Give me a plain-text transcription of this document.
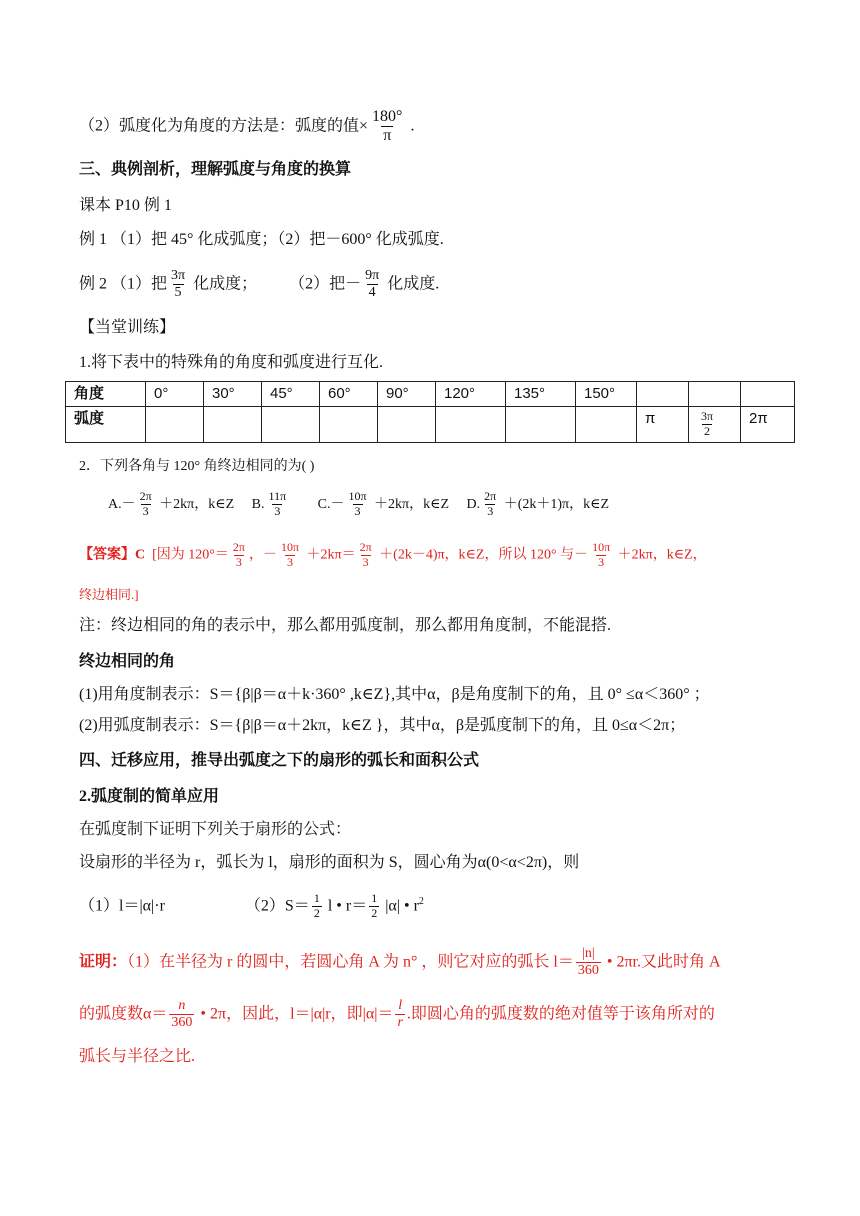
（2）弧度化为角度的方法是：弧度的值× $\frac{180^\circ}{\pi}$ .
三、典例剖析，理解弧度与角度的换算
课本 P10 例 1
例 1 （1）把 45° 化成弧度；（2）把－600° 化成弧度.
例 2 （1）把 $\frac{3\pi}{5}$ 化成度；        （2）把－ $\frac{9\pi}{4}$ 化成度.
【当堂训练】
1.将下表中的特殊角的角度和弧度进行互化.
角度	0°	30°	45°	60°	90°	120°	135°	150°			
弧度									π	$\frac{3\pi}{2}$	2π
2．下列各角与 120° 角终边相同的为( )
$A.- \frac{2\pi}{3} +2k\pi$，k∈Z B. $\frac{11\pi}{3} C.- \frac{10\pi}{3} +2k\pi$，k∈Z D. $\frac{2\pi}{3} +(2k+1)\pi$，k∈Z
【答案】C  [因为 $120^\circ= \frac{2\pi}{3}$ ，－ $\frac{10\pi}{3} +2k\pi= \frac{2\pi}{3} +(2k-4)\pi$，k∈Z，所以 120° 与－ $\frac{10\pi}{3} +2k\pi$，k∈Z，
终边相同.]
注：终边相同的角的表示中，那么都用弧度制，那么都用角度制，不能混搭.
终边相同的角
(1)用角度制表示：S＝{β|β＝α＋k·360° ,k∈Z},其中α，β是角度制下的角，且 0° ≤α＜360° ；
(2)用弧度制表示：S＝{β|β＝α＋2kπ，k∈Z }，其中α，β是弧度制下的角，且 0≤α＜2π；
四、迁移应用，推导出弧度之下的扇形的弧长和面积公式
2.弧度制的简单应用
在弧度制下证明下列关于扇形的公式：
设扇形的半径为 r，弧长为 l，扇形的面积为 S，圆心角为α(0<α<2π)，则
（1）l＝|α|·r	$(2)S= \frac{1}{2}$ l • $r= \frac{1}{2} |\alpha|$ • $r^2$
证明：（1）在半径为 r 的圆中，若圆心角 A 为 n° ，则它对应的弧长 $l= \frac{|n|}{360}$ • 2πr.又此时角 A
的弧度数$\alpha= \frac{n}{360}$ • 2π，因此，l＝|α|r，即$|\alpha|= \frac{l}{r}$ .即圆心角的弧度数的绝对值等于该角所对的
弧长与半径之比.
